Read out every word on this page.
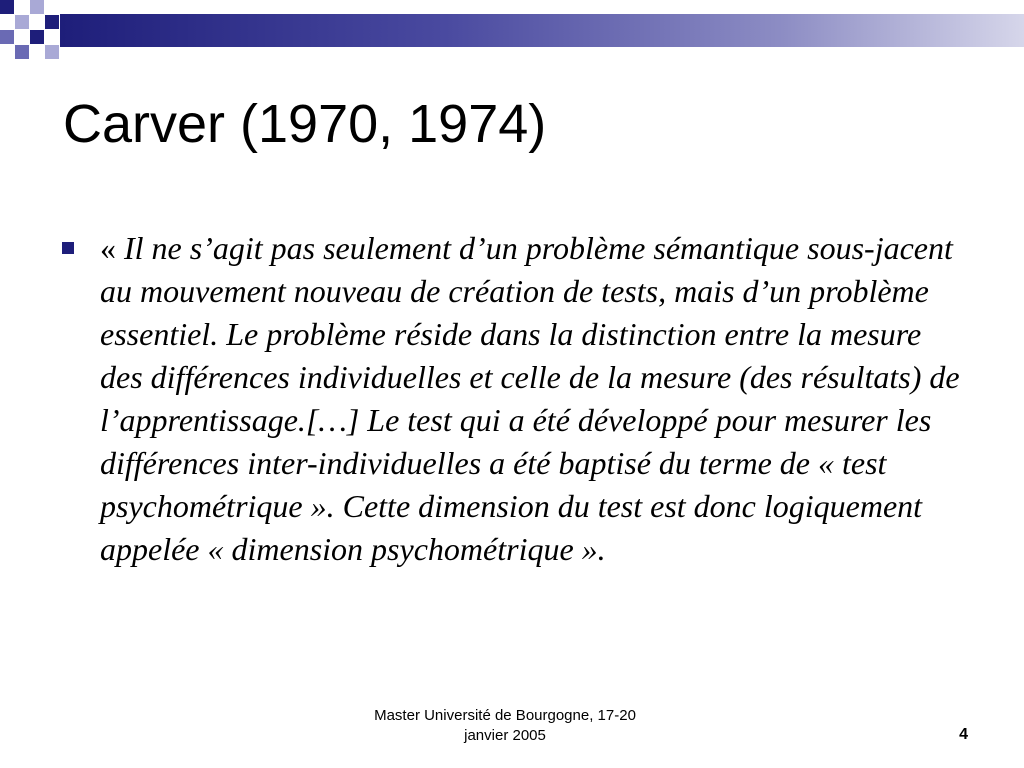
Carver (1970, 1974)

« Il ne s’agit pas seulement d’un problème sémantique sous-jacent au mouvement nouveau de création de tests, mais d’un problème essentiel. Le problème réside dans la distinction entre la mesure des différences individuelles et celle de la mesure (des résultats) de l’apprentissage.[…] Le test qui a été développé pour mesurer les différences inter-individuelles a été baptisé du terme de « test psychométrique ». Cette dimension du test est donc logiquement appelée « dimension psychométrique ».

Master Université de Bourgogne, 17-20
janvier 2005	4
